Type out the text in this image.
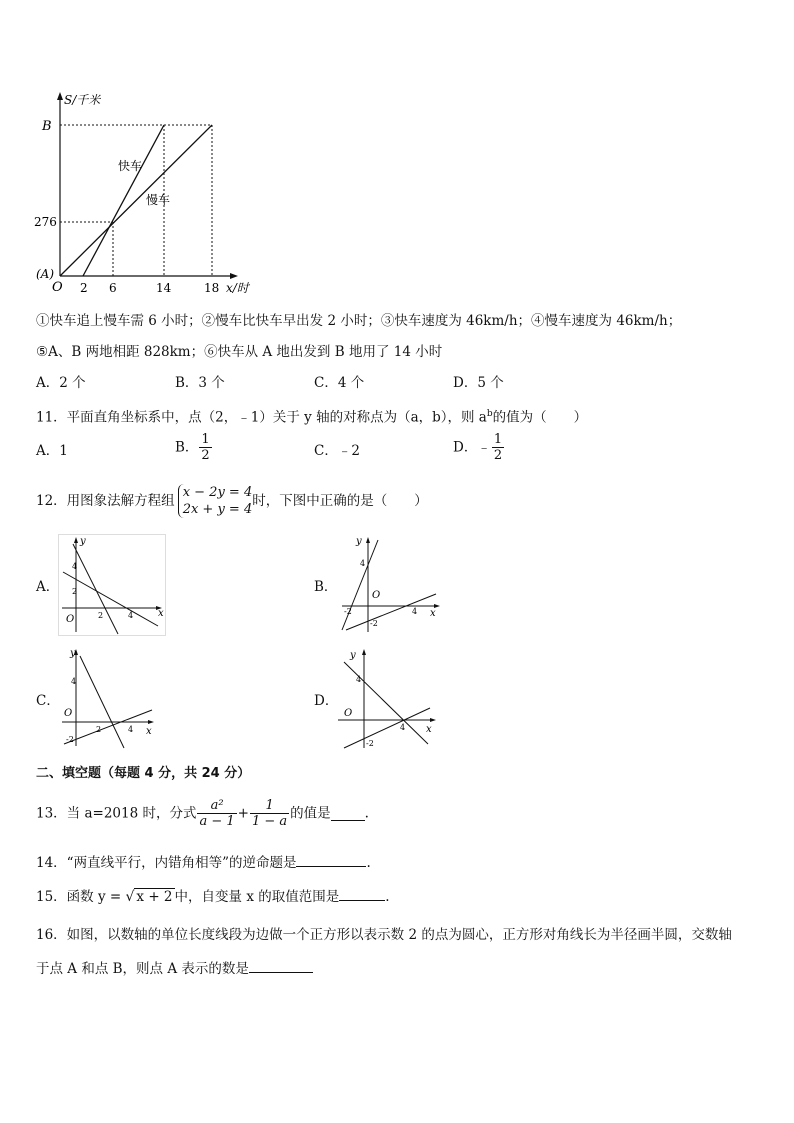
S/千米
x/时
B
276
(A)
O 2 6	14	18
快车
慢车
①快车追上慢车需 6 小时；②慢车比快车早出发 2 小时；③快车速度为 46km/h；④慢车速度为 46km/h；
⑤A、B 两地相距 828km；⑥快车从 A 地出发到 B 地用了 14 小时
A．2 个	B．3 个	C．4 个	D．5 个
11．平面直角坐标系中，点（2，﹣1）关于 y 轴的对称点为（a，b），则 $a^b$的值为（　　）
A．1	B． $\frac{1}{2}$	C．﹣2	D．﹣ $\frac{1}{2}$
12．用图象法解方程组
x − 2y = 4
2x + y = 4
时，下图中正确的是（　　）
A．	B．
C．	D．
y
x
O
4
2
2	4
y
x
O
4
-2
-2
4
y
x
O
4
-2
2	4
y
x
O
4
-2
4
二、填空题（每题 4 分，共 24 分）
13．当 a=2018 时，分式 $\frac{\text{a²}}{a - 1} + \frac{1}{1 - a}$ 的值是	.
14．“两直线平行，内错角相等”的逆命题是	.
15．函数 y = √ x + 2 中，自变量 x 的取值范围是	.
16．如图，以数轴的单位长度线段为边做一个正方形以表示数 2 的点为圆心，正方形对角线长为半径画半圆，交数轴
于点 A 和点 B，则点 A 表示的数是
